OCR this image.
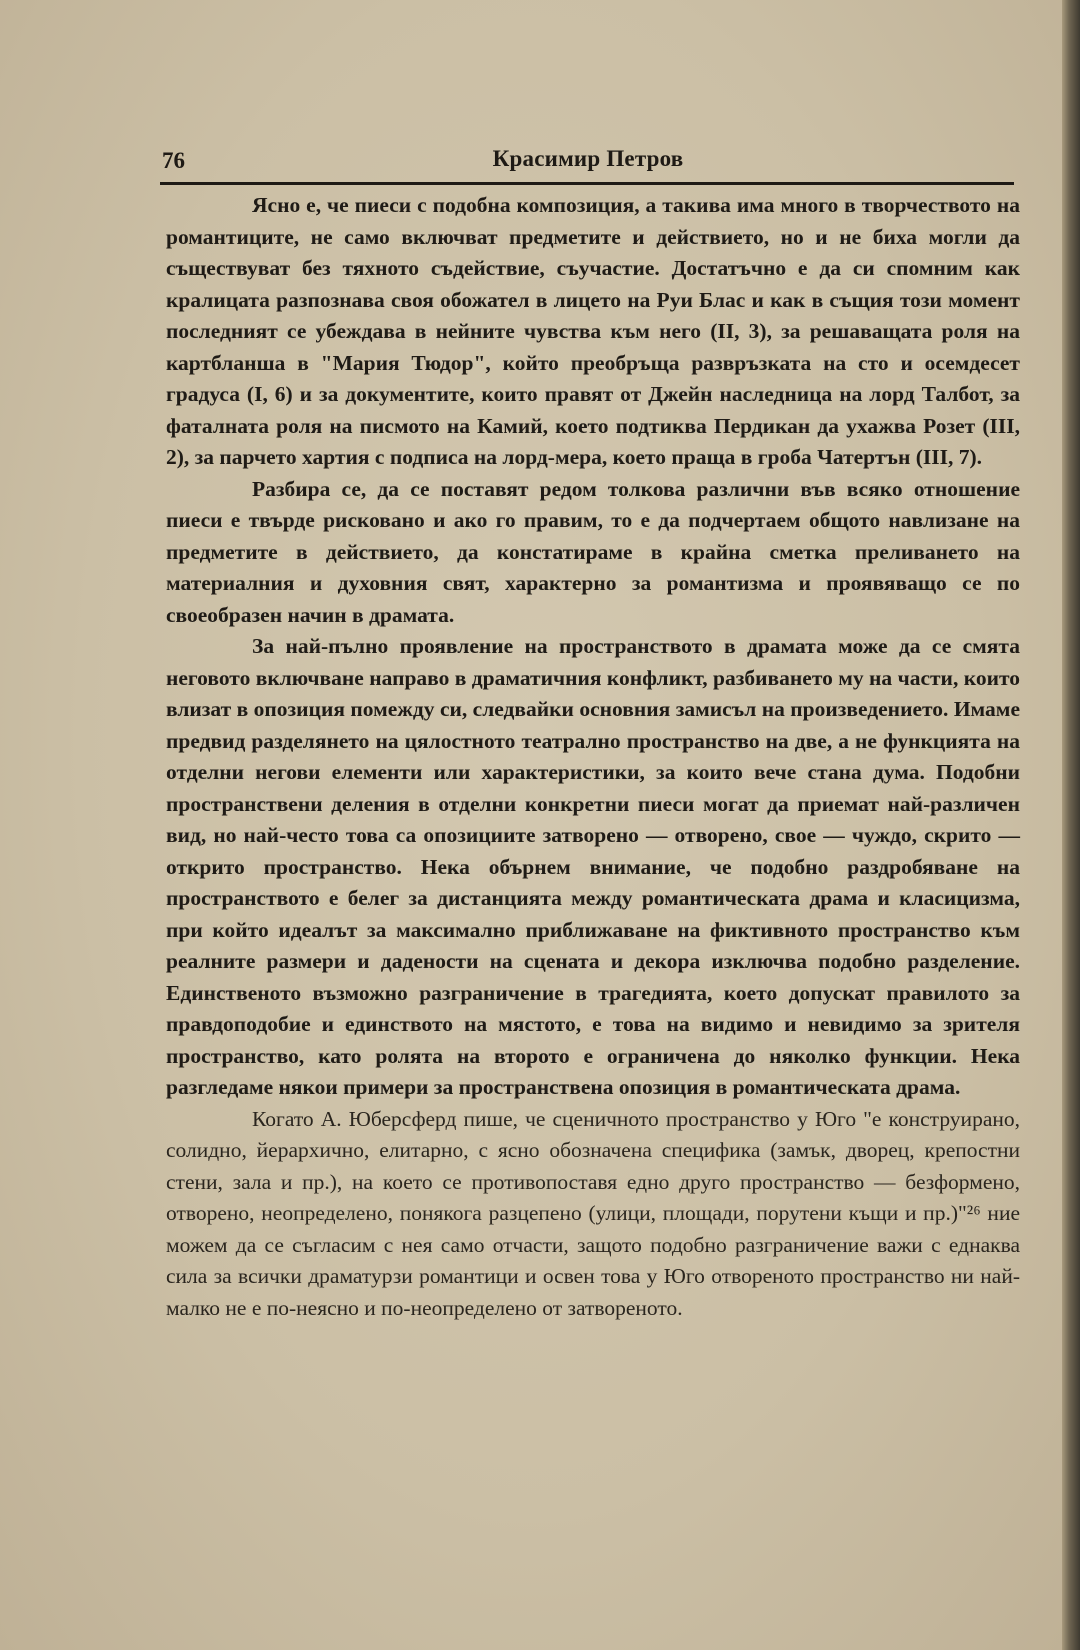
76	Красимир Петров

Ясно е, че пиеси с подобна композиция, а такива има много в творчеството на романтиците, не само включват предметите и действието, но и не биха могли да съществуват без тяхното съдействие, съучастие. Достатъчно е да си спомним как кралицата разпознава своя обожател в лицето на Руи Блас и как в същия този момент последният се убеждава в нейните чувства към него (II, 3), за решаващата роля на картбланша в "Мария Тюдор", който преобръща развръзката на сто и осемдесет градуса (I, 6) и за документите, които правят от Джейн наследница на лорд Талбот, за фаталната роля на писмото на Камий, което подтиква Пердикан да ухажва Розет (III, 2), за парчето хартия с подписа на лорд-мера, което праща в гроба Чатертън (III, 7).

Разбира се, да се поставят редом толкова различни във всяко отношение пиеси е твърде рисковано и ако го правим, то е да подчертаем общото навлизане на предметите в действието, да констатираме в крайна сметка преливането на материалния и духовния свят, характерно за романтизма и проявяващо се по своеобразен начин в драмата.

За най-пълно проявление на пространството в драмата може да се смята неговото включване направо в драматичния конфликт, разбиването му на части, които влизат в опозиция помежду си, следвайки основния замисъл на произведението. Имаме предвид разделянето на цялостното театрално пространство на две, а не функцията на отделни негови елементи или характеристики, за които вече стана дума. Подобни пространствени деления в отделни конкретни пиеси могат да приемат най-различен вид, но най-често това са опозициите затворено — отворено, свое — чуждо, скрито — открито пространство. Нека обърнем внимание, че подобно раздробяване на пространството е белег за дистанцията между романтическата драма и класицизма, при който идеалът за максимално приближаване на фиктивното пространство към реалните размери и дадености на сцената и декора изключва подобно разделение. Единственото възможно разграничение в трагедията, което допускат правилото за правдоподобие и единството на мястото, е това на видимо и невидимо за зрителя пространство, като ролята на второто е ограничена до няколко функции. Нека разгледаме някои примери за пространствена опозиция в романтическата драма.

Когато А. Юберсферд пише, че сценичното пространство у Юго "е конструирано, солидно, йерархично, елитарно, с ясно обозначена специфика (замък, дворец, крепостни стени, зала и пр.), на което се противопоставя едно друго пространство — безформено, отворено, неопределено, понякога разцепено (улици, площади, порутени къщи и пр.)"²⁶ ние можем да се съгласим с нея само отчасти, защото подобно разграничение важи с еднаква сила за всички драматурзи романтици и освен това у Юго отвореното пространство ни най-малко не е по-неясно и по-неопределено от затвореното.
